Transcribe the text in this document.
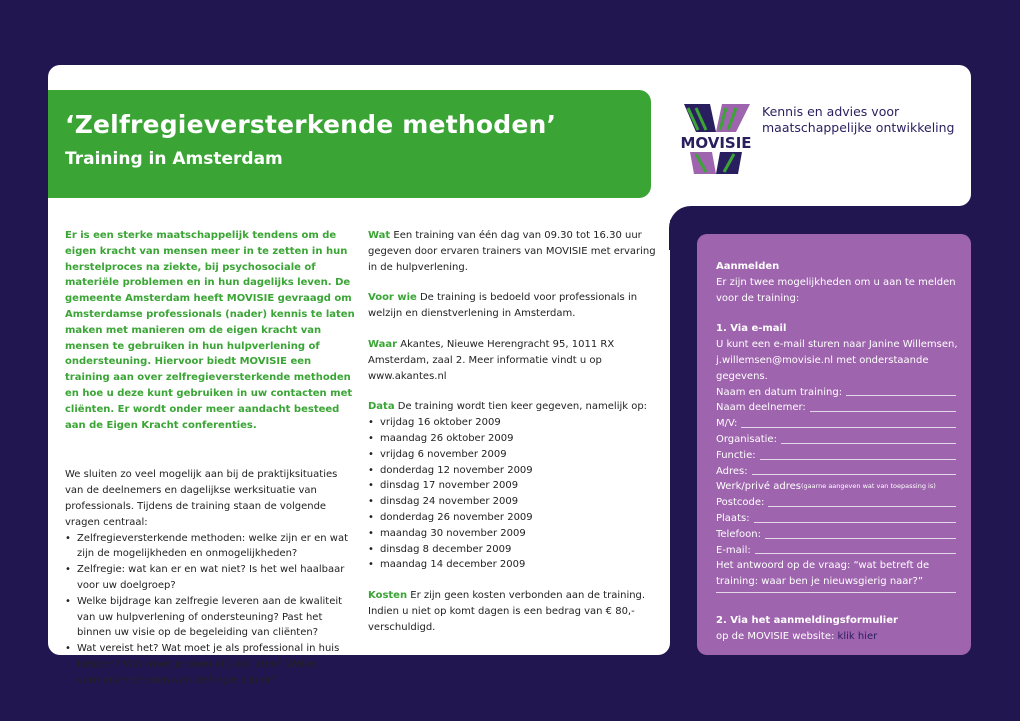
‘Zelfregieversterkende methoden’
Training in Amsterdam
MOVISIE
Kennis en advies voor
maatschappelijke ontwikkeling

Er is een sterke maatschappelijk tendens om de eigen kracht van mensen meer in te zetten in hun herstelproces na ziekte, bij psychosociale of materiële problemen en in hun dagelijks leven. De gemeente Amsterdam heeft MOVISIE gevraagd om Amsterdamse professionals (nader) kennis te laten maken met manieren om de eigen kracht van mensen te gebruiken in hun hulpverlening of ondersteuning. Hiervoor biedt MOVISIE een training aan over zelfregieversterkende methoden en hoe u deze kunt gebruiken in uw contacten met cliënten. Er wordt onder meer aandacht besteed aan de Eigen Kracht conferenties.

We sluiten zo veel mogelijk aan bij de praktijksituaties van de deelnemers en dagelijkse werksituatie van professionals. Tijdens de training staan de volgende vragen centraal:

• Zelfregieversterkende methoden: welke zijn er en wat zijn de mogelijkheden en onmogelijkheden?
• Zelfregie: wat kan er en wat niet? Is het wel haalbaar voor uw doelgroep?
• Welke bijdrage kan zelfregie leveren aan de kwaliteit van uw hulpverlening of ondersteuning? Past het binnen uw visie op de begeleiding van cliënten?
• Wat vereist het? Wat moet je als professional in huis hebben? Wat moet je doen of juist laten? Welke vormen/methoden van zelfregie zijn er?

Wat Een training van één dag van 09.30 tot 16.30 uur gegeven door ervaren trainers van MOVISIE met ervaring in de hulpverlening.

Voor wie De training is bedoeld voor professionals in welzijn en dienstverlening in Amsterdam.

Waar Akantes, Nieuwe Herengracht 95, 1011 RX Amsterdam, zaal 2. Meer informatie vindt u op www.akantes.nl

Data De training wordt tien keer gegeven, namelijk op:

• vrijdag 16 oktober 2009
• maandag 26 oktober 2009
• vrijdag 6 november 2009
• donderdag 12 november 2009
• dinsdag 17 november 2009
• dinsdag 24 november 2009
• donderdag 26 november 2009
• maandag 30 november 2009
• dinsdag 8 december 2009
• maandag 14 december 2009

Kosten Er zijn geen kosten verbonden aan de training. Indien u niet op komt dagen is een bedrag van € 80,-verschuldigd.

Aanmelden
Er zijn twee mogelijkheden om u aan te melden voor de training:
1. Via e-mail
U kunt een e-mail sturen naar Janine Willemsen, j.willemsen@movisie.nl met onderstaande gegevens.
Naam en datum training:
Naam deelnemer:
M/V:
Organisatie:
Functie:
Adres:
Werk/privé adres (gaarne aangeven wat van toepassing is)
Postcode:
Plaats:
Telefoon:
E-mail:
Het antwoord op de vraag: “wat betreft de training: waar ben je nieuwsgierig naar?”
2. Via het aanmeldingsformulier
op de MOVISIE website: klik hier
